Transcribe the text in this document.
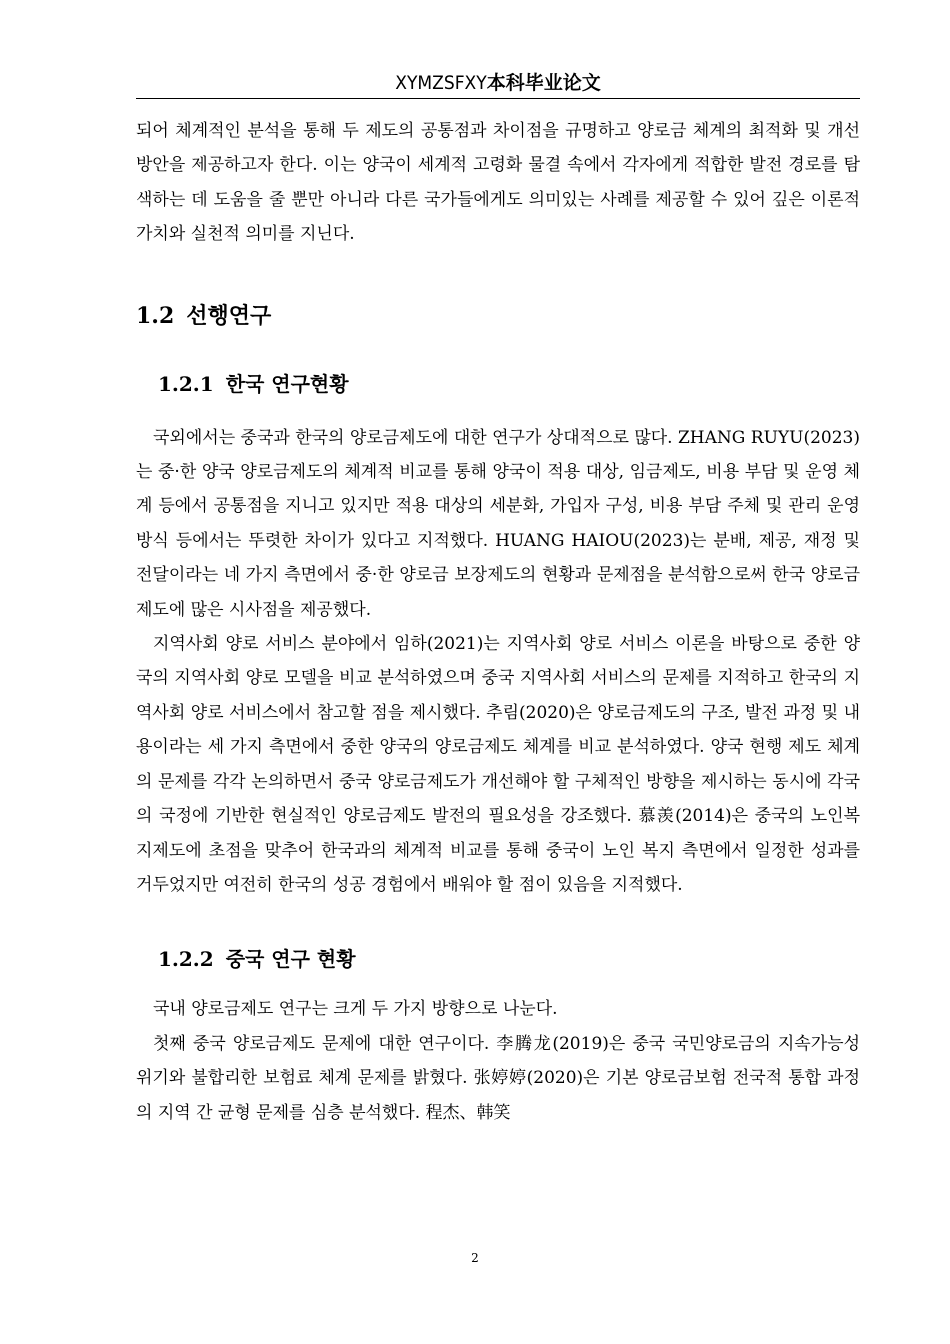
XYMZSFXY本科毕业论文

되어 체계적인 분석을 통해 두 제도의 공통점과 차이점을 규명하고 양로금 체계의 최적화 및 개선 방안을 제공하고자 한다. 이는 양국이 세계적 고령화 물결 속에서 각자에게 적합한 발전 경로를 탐색하는 데 도움을 줄 뿐만 아니라 다른 국가들에게도 의미있는 사례를 제공할 수 있어 깊은 이론적 가치와 실천적 의미를 지닌다.

1.2 선행연구
1.2.1 한국 연구현황

국외에서는 중국과 한국의 양로금제도에 대한 연구가 상대적으로 많다. ZHANG RUYU(2023)는 중·한 양국 양로금제도의 체계적 비교를 통해 양국이 적용 대상, 임금제도, 비용 부담 및 운영 체계 등에서 공통점을 지니고 있지만 적용 대상의 세분화, 가입자 구성, 비용 부담 주체 및 관리 운영 방식 등에서는 뚜렷한 차이가 있다고 지적했다. HUANG HAIOU(2023)는 분배, 제공, 재정 및 전달이라는 네 가지 측면에서 중·한 양로금 보장제도의 현황과 문제점을 분석함으로써 한국 양로금제도에 많은 시사점을 제공했다.

지역사회 양로 서비스 분야에서 임하(2021)는 지역사회 양로 서비스 이론을 바탕으로 중한 양국의 지역사회 양로 모델을 비교 분석하였으며 중국 지역사회 서비스의 문제를 지적하고 한국의 지역사회 양로 서비스에서 참고할 점을 제시했다. 추림(2020)은 양로금제도의 구조, 발전 과정 및 내용이라는 세 가지 측면에서 중한 양국의 양로금제도 체계를 비교 분석하였다. 양국 현행 제도 체계의 문제를 각각 논의하면서 중국 양로금제도가 개선해야 할 구체적인 방향을 제시하는 동시에 각국의 국정에 기반한 현실적인 양로금제도 발전의 필요성을 강조했다. 慕羡(2014)은 중국의 노인복지제도에 초점을 맞추어 한국과의 체계적 비교를 통해 중국이 노인 복지 측면에서 일정한 성과를 거두었지만 여전히 한국의 성공 경험에서 배워야 할 점이 있음을 지적했다.

1.2.2 중국 연구 현황

국내 양로금제도 연구는 크게 두 가지 방향으로 나눈다.

첫째 중국 양로금제도 문제에 대한 연구이다. 李腾龙(2019)은 중국 국민양로금의 지속가능성 위기와 불합리한 보험료 체계 문제를 밝혔다. 张婷婷(2020)은 기본 양로금보험 전국적 통합 과정의 지역 간 균형 문제를 심층 분석했다. 程杰、韩笑

2
